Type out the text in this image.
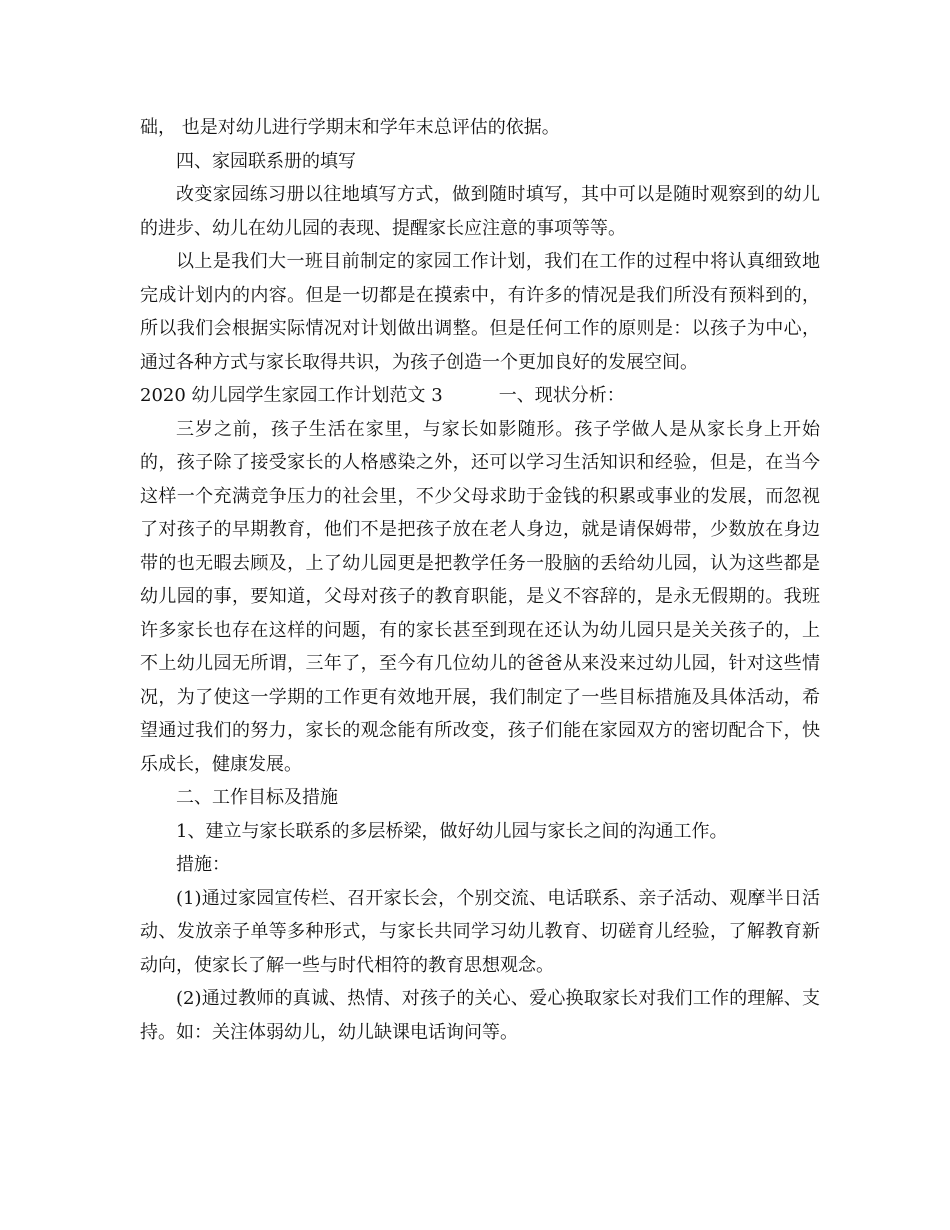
础， 也是对幼儿进行学期末和学年末总评估的依据。

四、家园联系册的填写

改变家园练习册以往地填写方式，做到随时填写，其中可以是随时观察到的幼儿的进步、幼儿在幼儿园的表现、提醒家长应注意的事项等等。

以上是我们大一班目前制定的家园工作计划，我们在工作的过程中将认真细致地完成计划内的内容。但是一切都是在摸索中，有许多的情况是我们所没有预料到的，所以我们会根据实际情况对计划做出调整。但是任何工作的原则是：以孩子为中心，通过各种方式与家长取得共识，为孩子创造一个更加良好的发展空间。

2020 幼儿园学生家园工作计划范文 3	一、现状分析：

三岁之前，孩子生活在家里，与家长如影随形。孩子学做人是从家长身上开始的，孩子除了接受家长的人格感染之外，还可以学习生活知识和经验，但是，在当今这样一个充满竞争压力的社会里，不少父母求助于金钱的积累或事业的发展，而忽视了对孩子的早期教育，他们不是把孩子放在老人身边，就是请保姆带，少数放在身边带的也无暇去顾及，上了幼儿园更是把教学任务一股脑的丢给幼儿园，认为这些都是幼儿园的事，要知道，父母对孩子的教育职能，是义不容辞的，是永无假期的。我班许多家长也存在这样的问题，有的家长甚至到现在还认为幼儿园只是关关孩子的，上不上幼儿园无所谓，三年了，至今有几位幼儿的爸爸从来没来过幼儿园，针对这些情况，为了使这一学期的工作更有效地开展，我们制定了一些目标措施及具体活动，希望通过我们的努力，家长的观念能有所改变，孩子们能在家园双方的密切配合下，快乐成长，健康发展。

二、工作目标及措施

1、建立与家长联系的多层桥梁，做好幼儿园与家长之间的沟通工作。

措施：

(1)通过家园宣传栏、召开家长会，个别交流、电话联系、亲子活动、观摩半日活动、发放亲子单等多种形式，与家长共同学习幼儿教育、切磋育儿经验，了解教育新动向，使家长了解一些与时代相符的教育思想观念。

(2)通过教师的真诚、热情、对孩子的关心、爱心换取家长对我们工作的理解、支持。如：关注体弱幼儿，幼儿缺课电话询问等。
